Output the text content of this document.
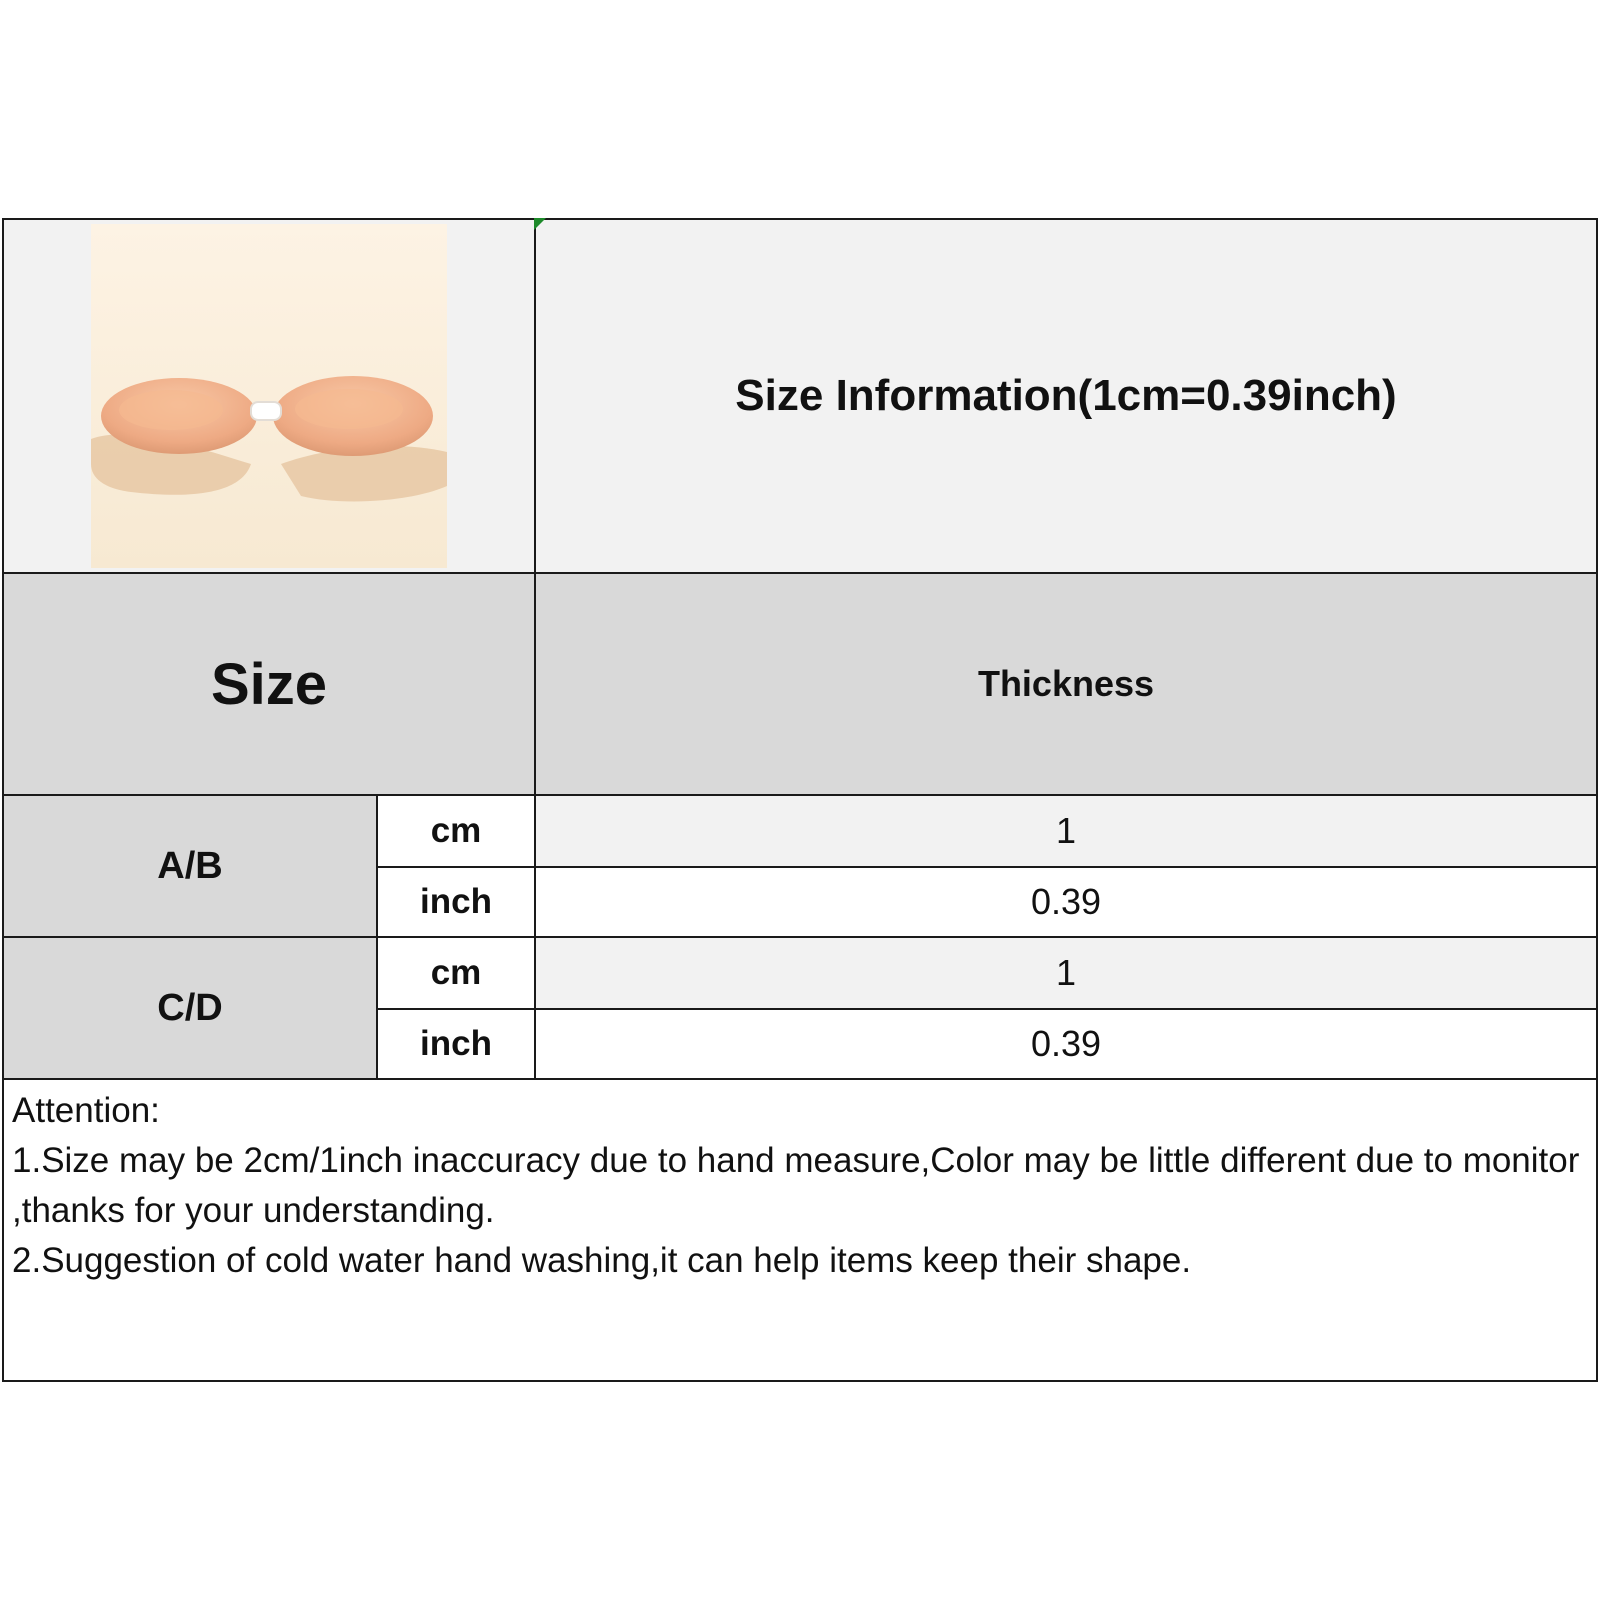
Size Information(1cm=0.39inch)
Size	Thickness
A/B
cm	1
inch	0.39
C/D
cm	1
inch	0.39
Attention:
1.Size may be 2cm/1inch inaccuracy due to hand measure,Color may be little different due to monitor ,thanks for your understanding.
2.Suggestion of cold water hand washing,it can help items keep their shape.
